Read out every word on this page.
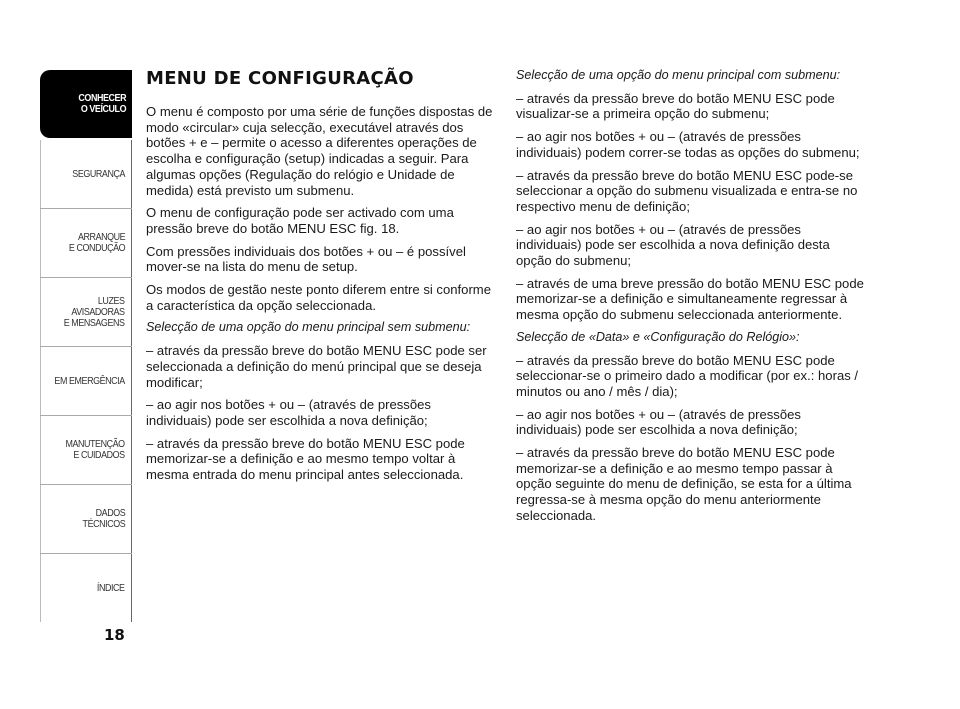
CONHECER
O VEÍCULO
SEGURANÇA
ARRANQUE
E CONDUÇÃO
LUZES
AVISADORAS
E MENSAGENS
EM EMERGÊNCIA
MANUTENÇÃO
E CUIDADOS
DADOS
TÉCNICOS
ÍNDICE
18
MENU DE CONFIGURAÇÃO

O menu é composto por uma série de funções dispostas de modo «circular» cuja selecção, executável através dos botões + e – permite o acesso a diferentes operações de escolha e configuração (setup) indicadas a seguir. Para algumas opções (Regulação do relógio e Unidade de medida) está previsto um submenu.

O menu de configuração pode ser activado com uma pressão breve do botão MENU ESC fig. 18.

Com pressões individuais dos botões + ou – é possível mover-se na lista do menu de setup.

Os modos de gestão neste ponto diferem entre si conforme a característica da opção seleccionada.

Selecção de uma opção do menu principal sem submenu:

– através da pressão breve do botão MENU ESC pode ser seleccionada a definição do menú principal que se deseja modificar;

– ao agir nos botões + ou – (através de pressões individuais) pode ser escolhida a nova definição;

– através da pressão breve do botão MENU ESC pode memorizar-se a definição e ao mesmo tempo voltar à mesma entrada do menu principal antes seleccionada.

Selecção de uma opção do menu principal com submenu:

– através da pressão breve do botão MENU ESC pode visualizar-se a primeira opção do submenu;

– ao agir nos botões + ou – (através de pressões individuais) podem correr-se todas as opções do submenu;

– através da pressão breve do botão MENU ESC pode-se seleccionar a opção do submenu visualizada e entra-se no respectivo menu de definição;

– ao agir nos botões + ou – (através de pressões individuais) pode ser escolhida a nova definição desta opção do submenu;

– através de uma breve pressão do botão MENU ESC pode memorizar-se a definição e simultaneamente regressar à mesma opção do submenu seleccionada anteriormente.

Selecção de «Data» e «Configuração do Relógio»:

– através da pressão breve do botão MENU ESC pode seleccionar-se o primeiro dado a modificar (por ex.: horas / minutos ou ano / mês / dia);

– ao agir nos botões + ou – (através de pressões individuais) pode ser escolhida a nova definição;

– através da pressão breve do botão MENU ESC pode memorizar-se a definição e ao mesmo tempo passar à opção seguinte do menu de definição, se esta for a última regressa-se à mesma opção do menu anteriormente seleccionada.
